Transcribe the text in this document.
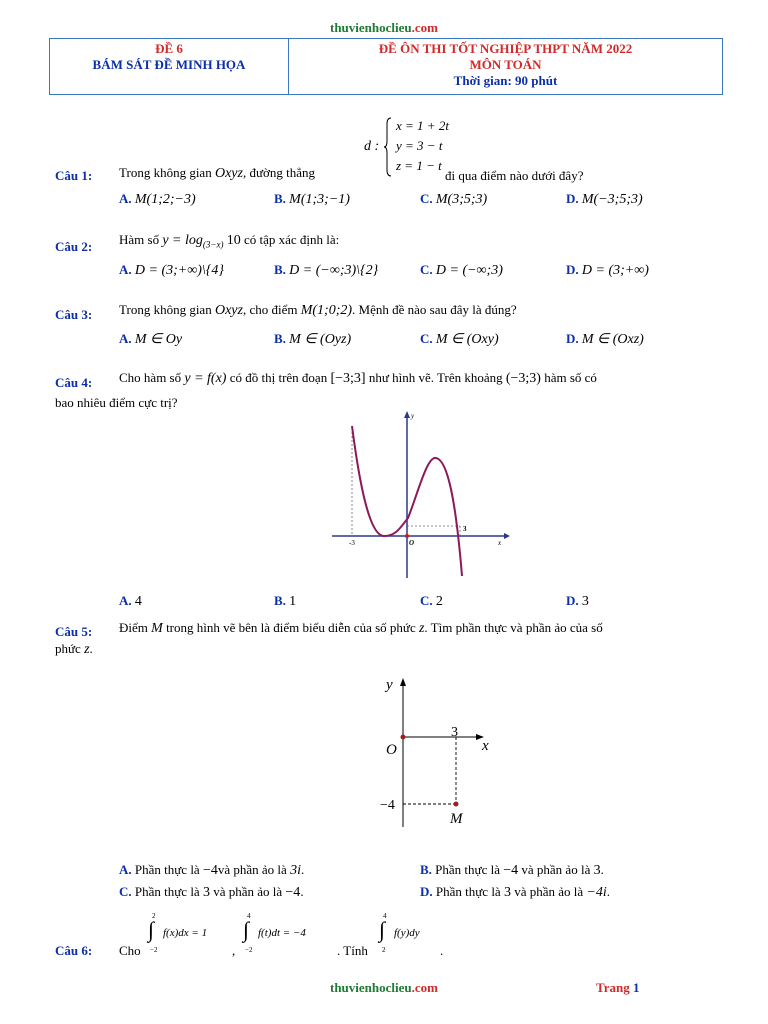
thuvienhoclieu.com
ĐỀ 6
BÁM SÁT ĐỀ MINH HỌA
ĐỀ ÔN THI TỐT NGHIỆP THPT NĂM 2022
MÔN TOÁN
Thời gian: 90 phút
d :
x = 1 + 2t
y = 3 − t
z = 1 − t
Câu 1: Trong không gian Oxyz, đường thẳng	đi qua điểm nào dưới đây?
A. M(1;2;−3)	B. M(1;3;−1)	C. M(3;5;3)	D. M(−3;5;3)
Câu 2: Hàm số $y = \log_{(3-x)} 10$ có tập xác định là:
A. D = (3;+∞)\{4}	B. D = (−∞;3)\{2}	C. D = (−∞;3)	D. D = (3;+∞)
Câu 3: Trong không gian Oxyz, cho điểm M(1;0;2). Mệnh đề nào sau đây là đúng?
A. M ∈ Oy	B. M ∈ (Oyz)	C. M ∈ (Oxy)	D. M ∈ (Oxz)
Câu 4: Cho hàm số y = f(x) có đồ thị trên đoạn [−3;3] như hình vẽ. Trên khoảng (−3;3) hàm số có
bao nhiêu điểm cực trị?
y
x
O
-3
3
A. 4	B. 1	C. 2	D. 3
Câu 5: Điểm M trong hình vẽ bên là điểm biểu diễn của số phức z. Tìm phần thực và phần ảo của số
phức z.
y
x
O
3
−4
M
A. Phần thực là −4và phần ảo là 3i.	B. Phần thực là −4 và phần ảo là 3.
C. Phần thực là 3 và phần ảo là −4.	D. Phần thực là 3 và phần ảo là −4i.
Câu 6: Cho
2
∫
−2
f(x)dx = 1
,
4
∫
−2
f(t)dt = −4
. Tính
4
∫
2
f(y)dy
.
thuvienhoclieu.com	Trang 1
